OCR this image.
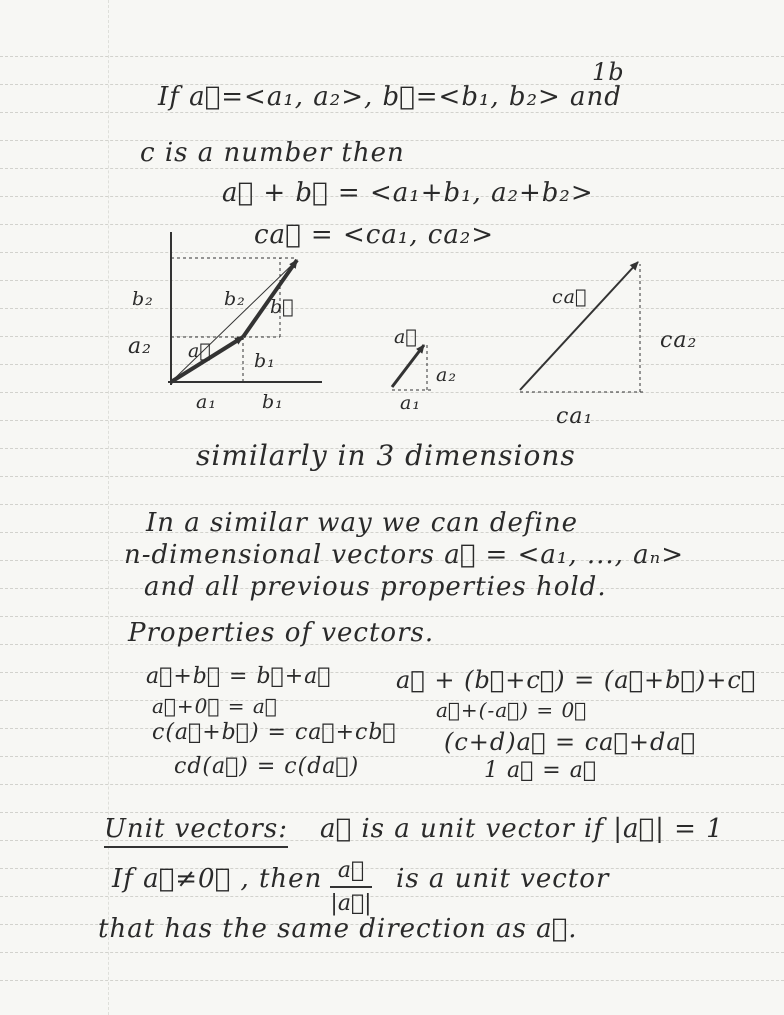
1b
If a⃗=<a₁, a₂>, b⃗=<b₁, b₂> and
c is a number then
a⃗ + b⃗ = <a₁+b₁, a₂+b₂>
ca⃗ = <ca₁, ca₂>
b₂
a₂
b₂ b⃗
a⃗ b₁
a₁ b₁
a⃗
a₂
a₁
ca⃗
ca₂
ca₁
similarly in 3 dimensions
In a similar way we can define
n-dimensional vectors a⃗ = <a₁, ..., aₙ>
and all previous properties hold.
Properties of vectors.
a⃗+b⃗ = b⃗+a⃗
a⃗+0⃗ = a⃗
c(a⃗+b⃗) = ca⃗+cb⃗
cd(a⃗) = c(da⃗)
a⃗ + (b⃗+c⃗) = (a⃗+b⃗)+c⃗
a⃗+(-a⃗) = 0⃗
(c+d)a⃗ = ca⃗+da⃗
1 a⃗ = a⃗
Unit vectors: a⃗ is a unit vector if |a⃗| = 1
If a⃗≠0⃗ , then a⃗
|a⃗|
is a unit vector
that has the same direction as a⃗.
